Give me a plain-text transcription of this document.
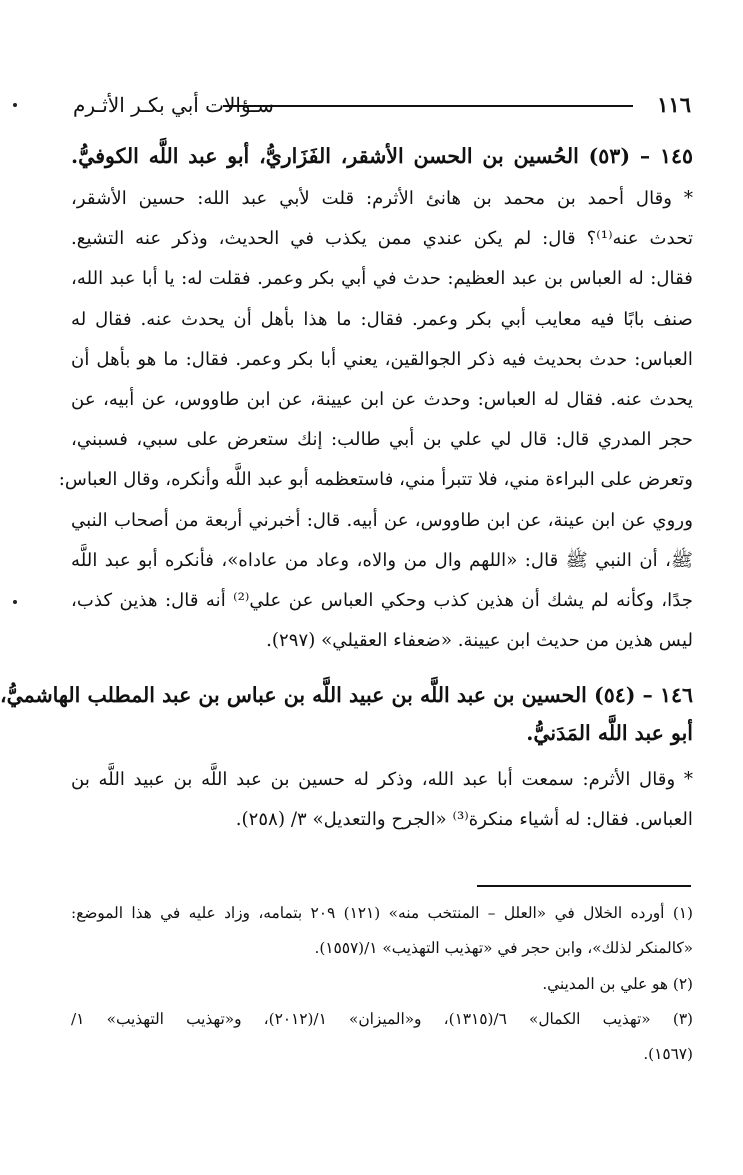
١١٦
سـؤالات أبي بكـر الأثـرم
١٤٥ – (٥٣) الحُسين بن الحسن الأشقر، الفَزَاريُّ، أبو عبد اللَّه الكوفيُّ.
* وقال أحمد بن محمد بن هانئ الأثرم: قلت لأبي عبد الله: حسين الأشقر،
تحدث عنه⁽¹⁾؟ قال: لم يكن عندي ممن يكذب في الحديث، وذكر عنه التشيع.
فقال: له العباس بن عبد العظيم: حدث في أبي بكر وعمر. فقلت له: يا أبا عبد الله،
صنف بابًا فيه معايب أبي بكر وعمر. فقال: ما هذا بأهل أن يحدث عنه. فقال له
العباس: حدث بحديث فيه ذكر الجوالقين، يعني أبا بكر وعمر. فقال: ما هو بأهل أن
يحدث عنه. فقال له العباس: وحدث عن ابن عيينة، عن ابن طاووس، عن أبيه، عن
حجر المدري قال: قال لي علي بن أبي طالب: إنك ستعرض على سبي، فسبني،
وتعرض على البراءة مني، فلا تتبرأ مني، فاستعظمه أبو عبد اللَّه وأنكره، وقال العباس:
وروي عن ابن عينة، عن ابن طاووس، عن أبيه. قال: أخبرني أربعة من أصحاب النبي
ﷺ، أن النبي ﷺ قال: «اللهم وال من والاه، وعاد من عاداه»، فأنكره أبو عبد اللَّه
جدًا، وكأنه لم يشك أن هذين كذب وحكي العباس عن علي⁽²⁾ أنه قال: هذين كذب،
ليس هذين من حديث ابن عيينة. «ضعفاء العقيلي» (٢٩٧).
١٤٦ – (٥٤) الحسين بن عبد اللَّه بن عبيد اللَّه بن عباس بن عبد المطلب الهاشميُّ،
أبو عبد اللَّه المَدَنيُّ.
* وقال الأثرم: سمعت أبا عبد الله، وذكر له حسين بن عبد اللَّه بن عبيد اللَّه بن
العباس. فقال: له أشياء منكرة⁽³⁾ «الجرح والتعديل» ٣/ (٢٥٨).
(١) أورده الخلال في «العلل – المنتخب منه» (١٢١) ٢٠٩ بتمامه، وزاد عليه في هذا الموضع:
«كالمنكر لذلك»، وابن حجر في «تهذيب التهذيب» ١/(١٥٥٧).
(٢) هو علي بن المديني.
(٣) «تهذيب الكمال» ٦/(١٣١٥)، و«الميزان» ١/(٢٠١٢)، و«تهذيب التهذيب» ١/
(١٥٦٧).
